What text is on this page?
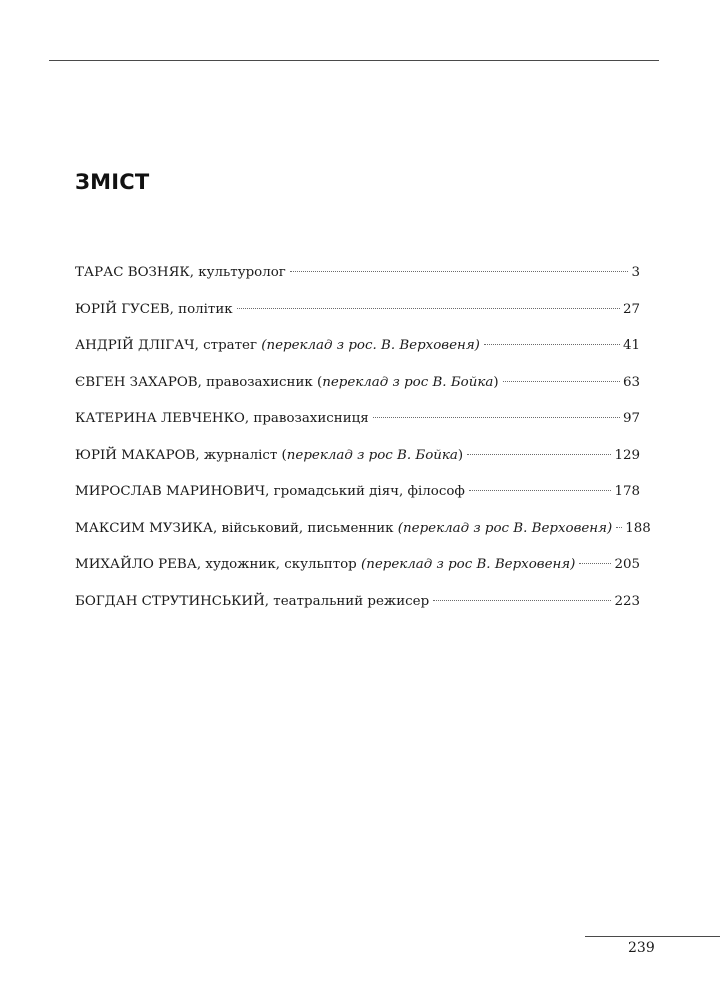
ЗМІСТ
ТАРАС ВОЗНЯК, культуролог	3
ЮРІЙ ГУСЕВ, політик	27
АНДРІЙ ДЛІГАЧ, стратег (переклад з рос. В. Верховеня)	41
ЄВГЕН ЗАХАРОВ, правозахисник (переклад з рос В. Бойка)	63
КАТЕРИНА ЛЕВЧЕНКО, правозахисниця	97
ЮРІЙ МАКАРОВ, журналіст (переклад з рос В. Бойка)	129
МИРОСЛАВ МАРИНОВИЧ, громадський діяч, філософ	178
МАКСИМ МУЗИКА, військовий, письменник (переклад з рос В. Верховеня) 188
МИХАЙЛО РЕВА, художник, скульптор (переклад з рос В. Верховеня)	205
БОГДАН СТРУТИНСЬКИЙ, театральний режисер	223

239
